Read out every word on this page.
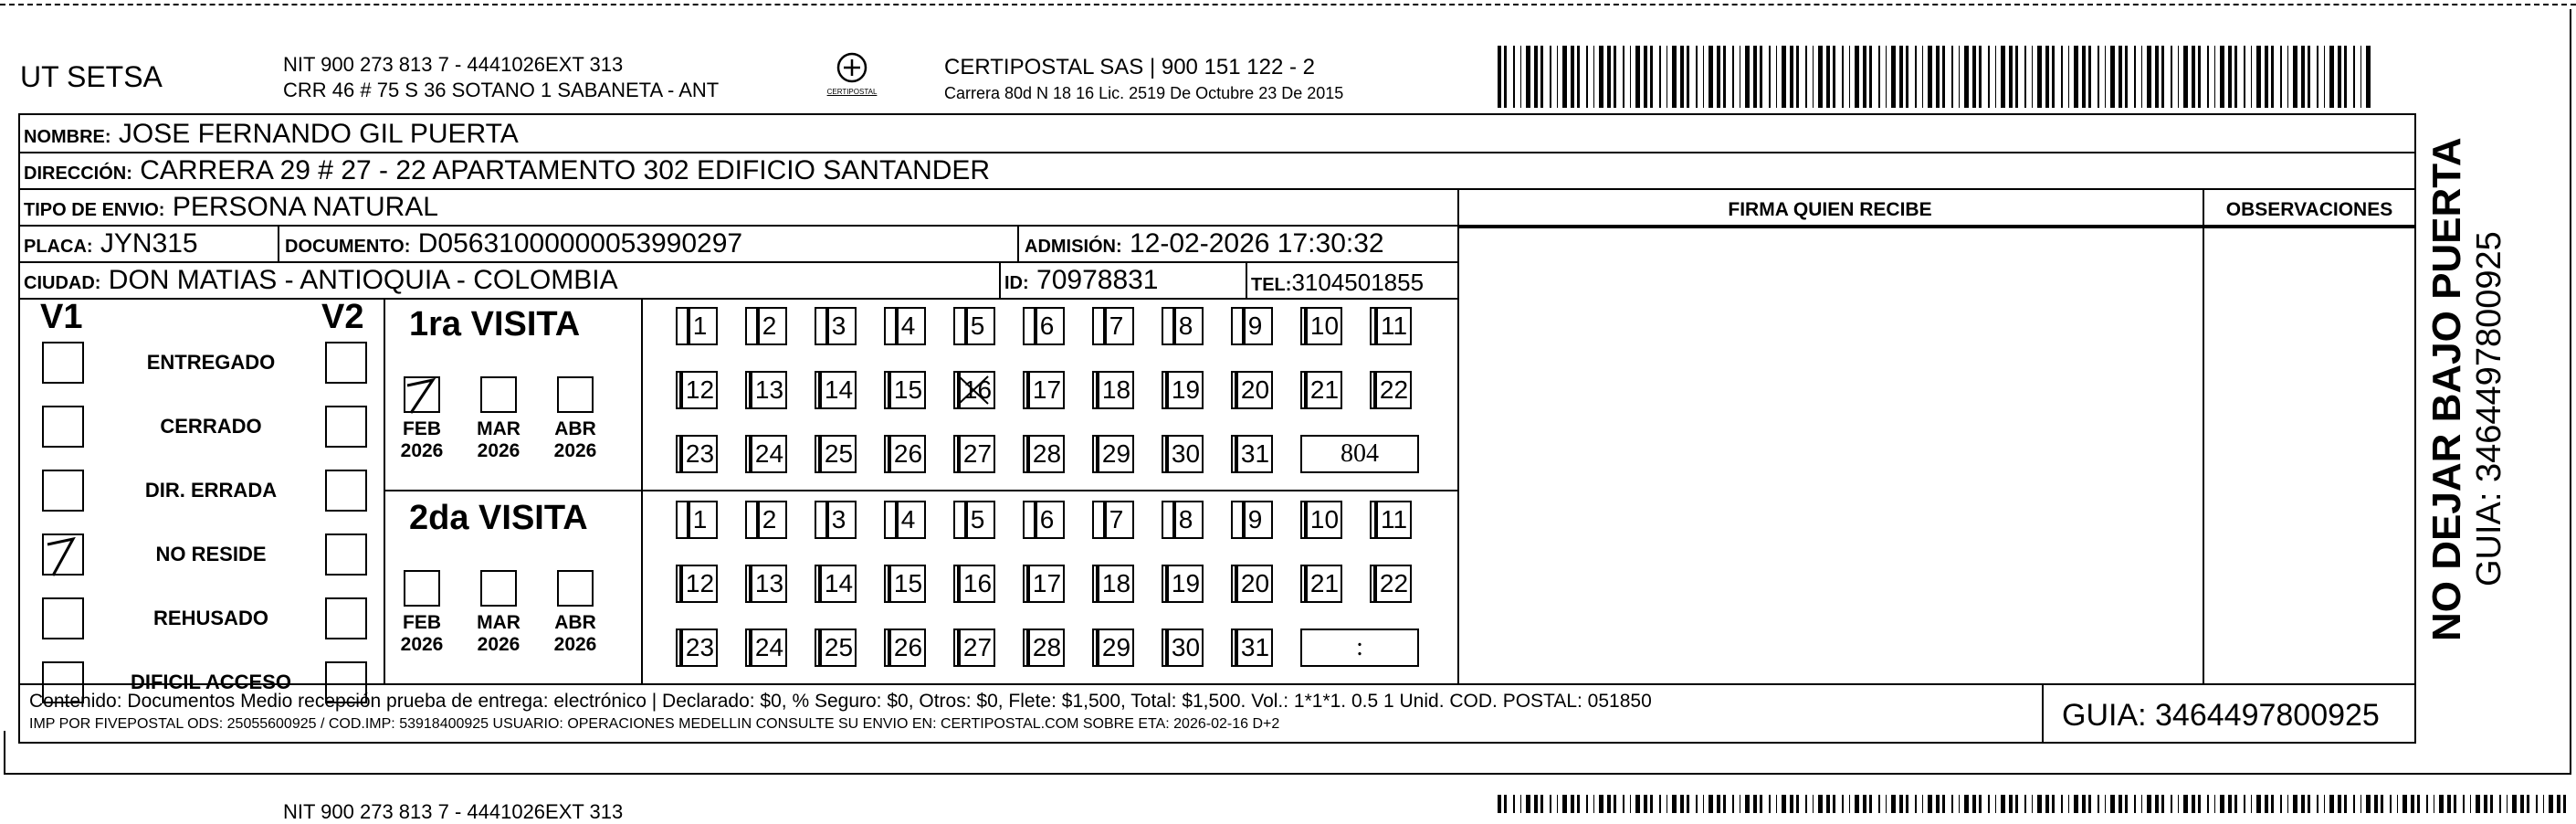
UT SETSA	NIT 900 273 813 7 - 4441026EXT 313
CRR 46 # 75 S 36 SOTANO 1 SABANETA - ANT	CERTIPOSTAL
CERTIPOSTAL SAS | 900 151 122 - 2
Carrera 80d N 18 16 Lic. 2519 De Octubre 23 De 2015
NOMBRE: JOSE FERNANDO GIL PUERTA
DIRECCIÓN: CARRERA 29 # 27 - 22 APARTAMENTO 302 EDIFICIO SANTANDER
TIPO DE ENVIO: PERSONA NATURAL	FIRMA QUIEN RECIBE	OBSERVACIONES
PLACA: JYN315	DOCUMENTO: D05631000000053990297	ADMISIÓN: 12-02-2026 17:30:32
CIUDAD: DON MATIAS - ANTIOQUIA - COLOMBIA	ID: 70978831	TEL:3104501855
V1	V2
ENTREGADO
CERRADO
DIR. ERRADA
NO RESIDE
REHUSADO
DIFICIL ACCESO
1ra VISITA
2da VISITA
FEB
2026
MAR
2026
ABR
2026
FEB
2026
MAR
2026
ABR
2026
1	2	3	4	5	6	7	8	9	10	11
12	13	14	15	16	17	18	19	20	21	22
23	24	25	26	27	28	29	30	31	804
1	2	3	4	5	6	7	8	9	10	11
12	13	14	15	16	17	18	19	20	21	22
23	24	25	26	27	28	29	30	31	:
Contenido: Documentos Medio recepción prueba de entrega: electrónico | Declarado: $0, % Seguro: $0, Otros: $0, Flete: $1,500, Total: $1,500. Vol.: 1*1*1. 0.5 1 Unid. COD. POSTAL: 051850
IMP POR FIVEPOSTAL ODS: 25055600925 / COD.IMP: 53918400925 USUARIO: OPERACIONES MEDELLIN CONSULTE SU ENVIO EN: CERTIPOSTAL.COM SOBRE ETA: 2026-02-16 D+2	GUIA: 3464497800925
NO DEJAR BAJO PUERTA GUIA: 3464497800925
NIT 900 273 813 7 - 4441026EXT 313
